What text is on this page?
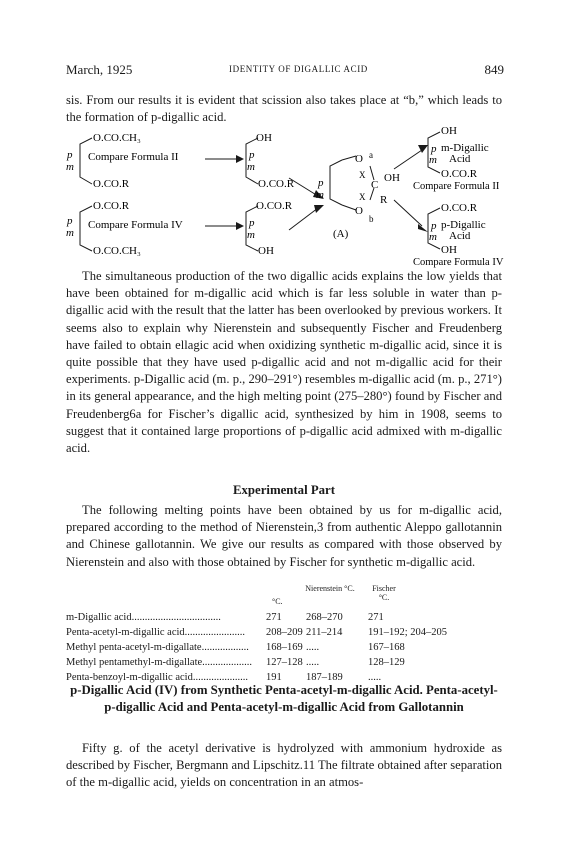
March, 1925	IDENTITY OF DIGALLIC ACID	849

sis. From our results it is evident that scission also takes place at “b,” which leads to the formation of p-digallic acid.

O.CO.CH₃
p
m
Compare Formula II
O.CO.R
O.CO.R
p
m
Compare Formula IV
O.CO.CH₃
OH
p
m
O.CO.R
O.CO.R
p
m
OH
p
m
O a
X
C
OH
O
X
b
R
(A)
OH
p
m
m-Digallic
Acid
O.CO.R
Compare Formula II
O.CO.R
p
m
p-Digallic
Acid
OH
Compare Formula IV

The simultaneous production of the two digallic acids explains the low yields that have been obtained for m-digallic acid which is far less soluble in water than p-digallic acid with the result that the latter has been overlooked by previous workers. It seems also to explain why Nierenstein and subsequently Fischer and Freudenberg have failed to obtain ellagic acid when oxidizing synthetic m-digallic acid, since it is quite possible that they have used p-digallic acid and not m-digallic acid for their experiments. p-Digallic acid (m. p., 290–291°) resembles m-digallic acid (m. p., 271°) in its general appearance, and the high melting point (275–280°) found by Fischer and Freudenberg6a for Fischer’s digallic acid, synthesized by him in 1908, seems to suggest that it contained large proportions of p-digallic acid admixed with m-digallic acid.

Experimental Part

The following melting points have been obtained by us for m-digallic acid, prepared according to the method of Nierenstein,3 from authentic Aleppo gallotannin and Chinese gallotannin. We give our results as compared with those observed by Nierenstein and also with those obtained by Fischer for synthetic m-digallic acid.

°C.
Nierenstein °C.	Fischer °C.
m-Digallic acid..................................	271 268–270 271
Penta-acetyl-m-digallic acid.......................	208–209 211–214 191–192; 204–205
Methyl penta-acetyl-m-digallate..................	168–169 .....	167–168
Methyl pentamethyl-m-digallate...................	127–128 .....	128–129
Penta-benzoyl-m-digallic acid.....................	191 187–189 .....
p-Digallic Acid (IV) from Synthetic Penta-acetyl-m-digallic Acid. Penta-acetyl-p-digallic Acid and Penta-acetyl-m-digallic Acid from Gallotannin

Fifty g. of the acetyl derivative is hydrolyzed with ammonium hydroxide as described by Fischer, Bergmann and Lipschitz.11 The filtrate obtained after separation of the m-digallic acid, yields on concentration in an atmos-
